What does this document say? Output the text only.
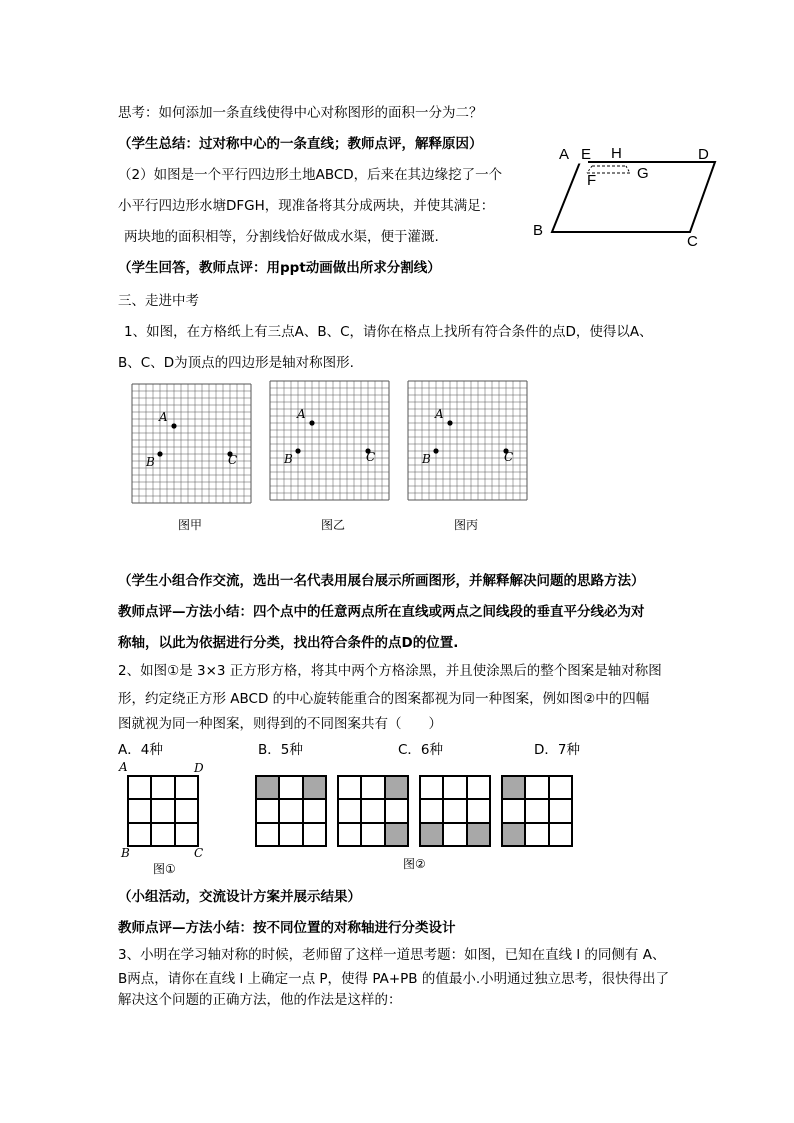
思考：如何添加一条直线使得中心对称图形的面积一分为二？
（学生总结：过对称中心的一条直线；教师点评，解释原因）
（2）如图是一个平行四边形土地ABCD，后来在其边缘挖了一个
小平行四边形水塘DFGH，现准备将其分成两块，并使其满足：
两块地的面积相等，分割线恰好做成水渠，便于灌溉.
（学生回答，教师点评：用ppt动画做出所求分割线）
三、走进中考
1、如图，在方格纸上有三点A、B、C，请你在格点上找所有符合条件的点D，使得以A、
B、C、D为顶点的四边形是轴对称图形.
A E H	D
F	G
B
C
图甲	图乙	图丙
A
B	C
A
B	C
A
B	C
（学生小组合作交流，选出一名代表用展台展示所画图形，并解释解决问题的思路方法）
教师点评—方法小结：四个点中的任意两点所在直线或两点之间线段的垂直平分线必为对
称轴，以此为依据进行分类，找出符合条件的点D的位置.
2、如图①是 3×3 正方形方格，将其中两个方格涂黑，并且使涂黑后的整个图案是轴对称图
形，约定绕正方形 ABCD 的中心旋转能重合的图案都视为同一种图案，例如图②中的四幅
图就视为同一种图案，则得到的不同图案共有（　　）
A．4种	B．5种	C．6种	D．7种
A	D
B	C
图①	图②
（小组活动，交流设计方案并展示结果）
教师点评—方法小结：按不同位置的对称轴进行分类设计
3、小明在学习轴对称的时候，老师留了这样一道思考题：如图，已知在直线 l 的同侧有 A、
B两点，请你在直线 l 上确定一点 P，使得 PA+PB 的值最小.小明通过独立思考，很快得出了
解决这个问题的正确方法，他的作法是这样的：
